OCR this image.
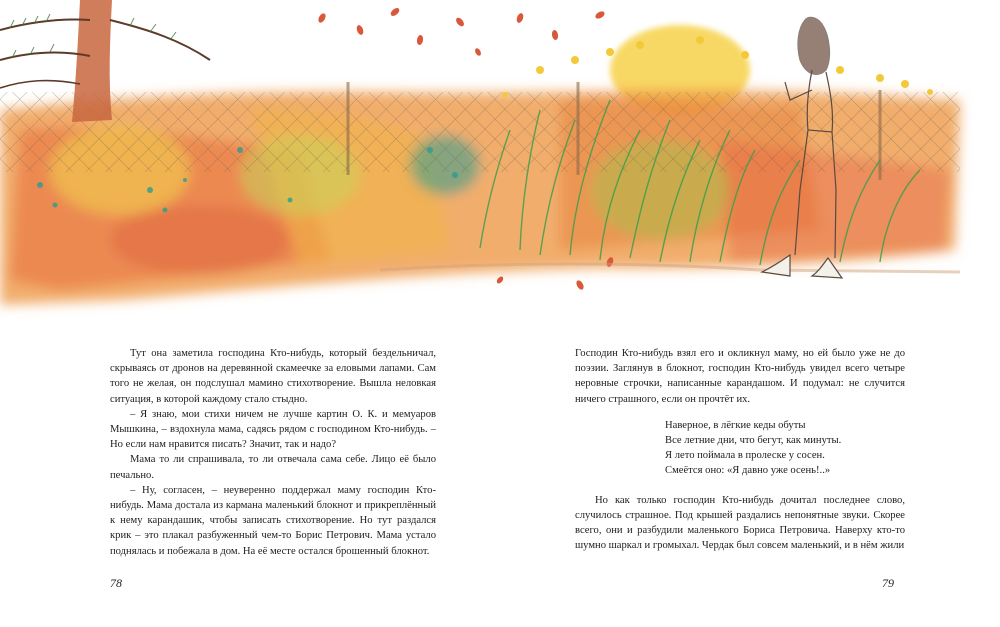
Тут она заметила господина Кто-нибудь, который бездельничал, скрываясь от дронов на деревянной скамеечке за еловыми лапами. Сам того не желая, он подслушал мамино стихотворение. Вышла неловкая ситуация, в которой каждому стало стыдно.

– Я знаю, мои стихи ничем не лучше картин О. К. и мемуаров Мышкина, – вздохнула мама, садясь рядом с господином Кто-нибудь. – Но если нам нравится писать? Значит, так и надо?

Мама то ли спрашивала, то ли отвечала сама себе. Лицо её было печально.

– Ну, согласен, – неуверенно поддержал маму господин Кто-нибудь. Мама достала из кармана маленький блокнот и прикреплённый к нему карандашик, чтобы записать стихотворение. Но тут раздался крик – это плакал разбуженный чем-то Борис Петрович. Мама устало поднялась и побежала в дом. На её месте остался брошенный блокнот.

Господин Кто-нибудь взял его и окликнул маму, но ей было уже не до поэзии. Заглянув в блокнот, господин Кто-нибудь увидел всего четыре неровные строчки, написанные карандашом. И подумал: не случится ничего страшного, если он прочтёт их.

Наверное, в лёгкие кеды обуты
Все летние дни, что бегут, как минуты.
Я лето поймала в пролеске у сосен.
Смеётся оно: «Я давно уже осень!..»

Но как только господин Кто-нибудь дочитал последнее слово, случилось страшное. Под крышей раздались непонятные звуки. Скорее всего, они и разбудили маленького Бориса Петровича. Наверху кто-то шумно шаркал и громыхал. Чердак был совсем маленький, и в нём жили

78	79
